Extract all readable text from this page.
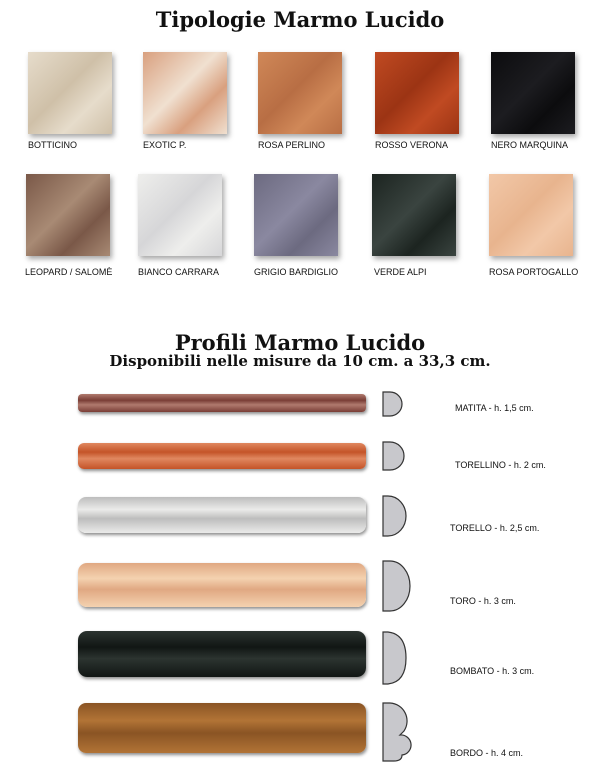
Tipologie Marmo Lucido
BOTTICINO	EXOTIC P.	ROSA PERLINO	ROSSO VERONA	NERO MARQUINA
LEOPARD / SALOMÈ	BIANCO CARRARA	GRIGIO BARDIGLIO	VERDE ALPI	ROSA PORTOGALLO
Profili Marmo Lucido
Disponibili nelle misure da 10 cm. a 33,3 cm.
MATITA - h. 1,5 cm.
TORELLINO - h. 2 cm.
TORELLO - h. 2,5 cm.
TORO - h. 3 cm.
BOMBATO - h. 3 cm.
BORDO - h. 4 cm.
